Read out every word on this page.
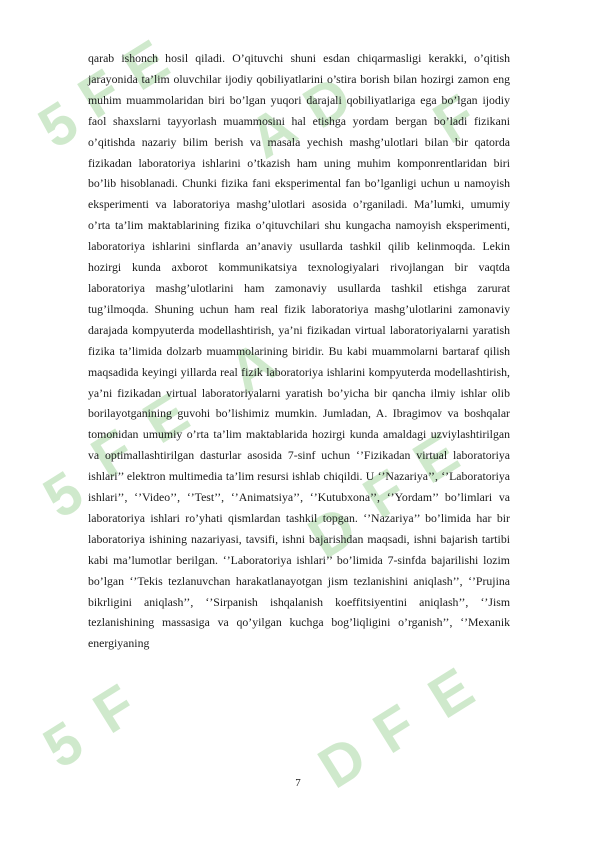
5
F
E
A
D F
5
F
E
A
D
F
E
5
F
D
F
E

qarab ishonch hosil qiladi. O’qituvchi shuni esdan chiqarmasligi kerakki, o’qitish jarayonida ta’lim oluvchilar ijodiy qobiliyatlarini o’stira borish bilan hozirgi zamon eng muhim muammolaridan biri bo’lgan yuqori darajali qobiliyatlariga ega bo’lgan ijodiy faol shaxslarni tayyorlash muammosini hal etishga yordam bergan bo’ladi fizikani o’qitishda nazariy bilim berish va masala yechish mashg’ulotlari bilan bir qatorda fizikadan laboratoriya ishlarini o’tkazish ham uning muhim komponrentlaridan biri bo’lib hisoblanadi. Chunki fizika fani eksperimental fan bo’lganligi uchun u namoyish eksperimenti va laboratoriya mashg’ulotlari asosida o’rganiladi. Ma’lumki, umumiy o’rta ta’lim maktablarining fizika o’qituvchilari shu kungacha namoyish eksperimenti, laboratoriya ishlarini sinflarda an’anaviy usullarda tashkil qilib kelinmoqda. Lekin hozirgi kunda axborot kommunikatsiya texnologiyalari rivojlangan bir vaqtda laboratoriya mashg’ulotlarini ham zamonaviy usullarda tashkil etishga zarurat tug’ilmoqda. Shuning uchun ham real fizik laboratoriya mashg’ulotlarini zamonaviy darajada kompyuterda modellashtirish, ya’ni fizikadan virtual laboratoriyalarni yaratish fizika ta’limida dolzarb muammolarining biridir. Bu kabi muammolarni bartaraf qilish maqsadida keyingi yillarda real fizik laboratoriya ishlarini kompyuterda modellashtirish, ya’ni fizikadan virtual laboratoriyalarni yaratish bo’yicha bir qancha ilmiy ishlar olib borilayotganining guvohi bo’lishimiz mumkin. Jumladan, A. Ibragimov va boshqalar tomonidan umumiy o’rta ta’lim maktablarida hozirgi kunda amaldagi uzviylashtirilgan va optimallashtirilgan dasturlar asosida 7-sinf uchun ‘’Fizikadan virtual laboratoriya ishlari’’ elektron multimedia ta’lim resursi ishlab chiqildi. U ‘’Nazariya’’, ‘’Laboratoriya ishlari’’, ‘’Video’’, ‘’Test’’, ‘’Animatsiya’’, ‘’Kutubxona’’, ‘’Yordam’’ bo’limlari va laboratoriya ishlari ro’yhati qismlardan tashkil topgan. ‘’Nazariya’’ bo’limida har bir laboratoriya ishining nazariyasi, tavsifi, ishni bajarishdan maqsadi, ishni bajarish tartibi kabi ma’lumotlar berilgan. ‘’Laboratoriya ishlari’’ bo’limida 7-sinfda bajarilishi lozim bo’lgan ‘’Tekis tezlanuvchan harakatlanayotgan jism tezlanishini aniqlash’’, ‘’Prujina bikrligini aniqlash’’, ‘’Sirpanish ishqalanish koeffitsiyentini aniqlash’’, ‘’Jism tezlanishining massasiga va qo’yilgan kuchga bog’liqligini o’rganish’’, ‘’Mexanik energiyaning

7
